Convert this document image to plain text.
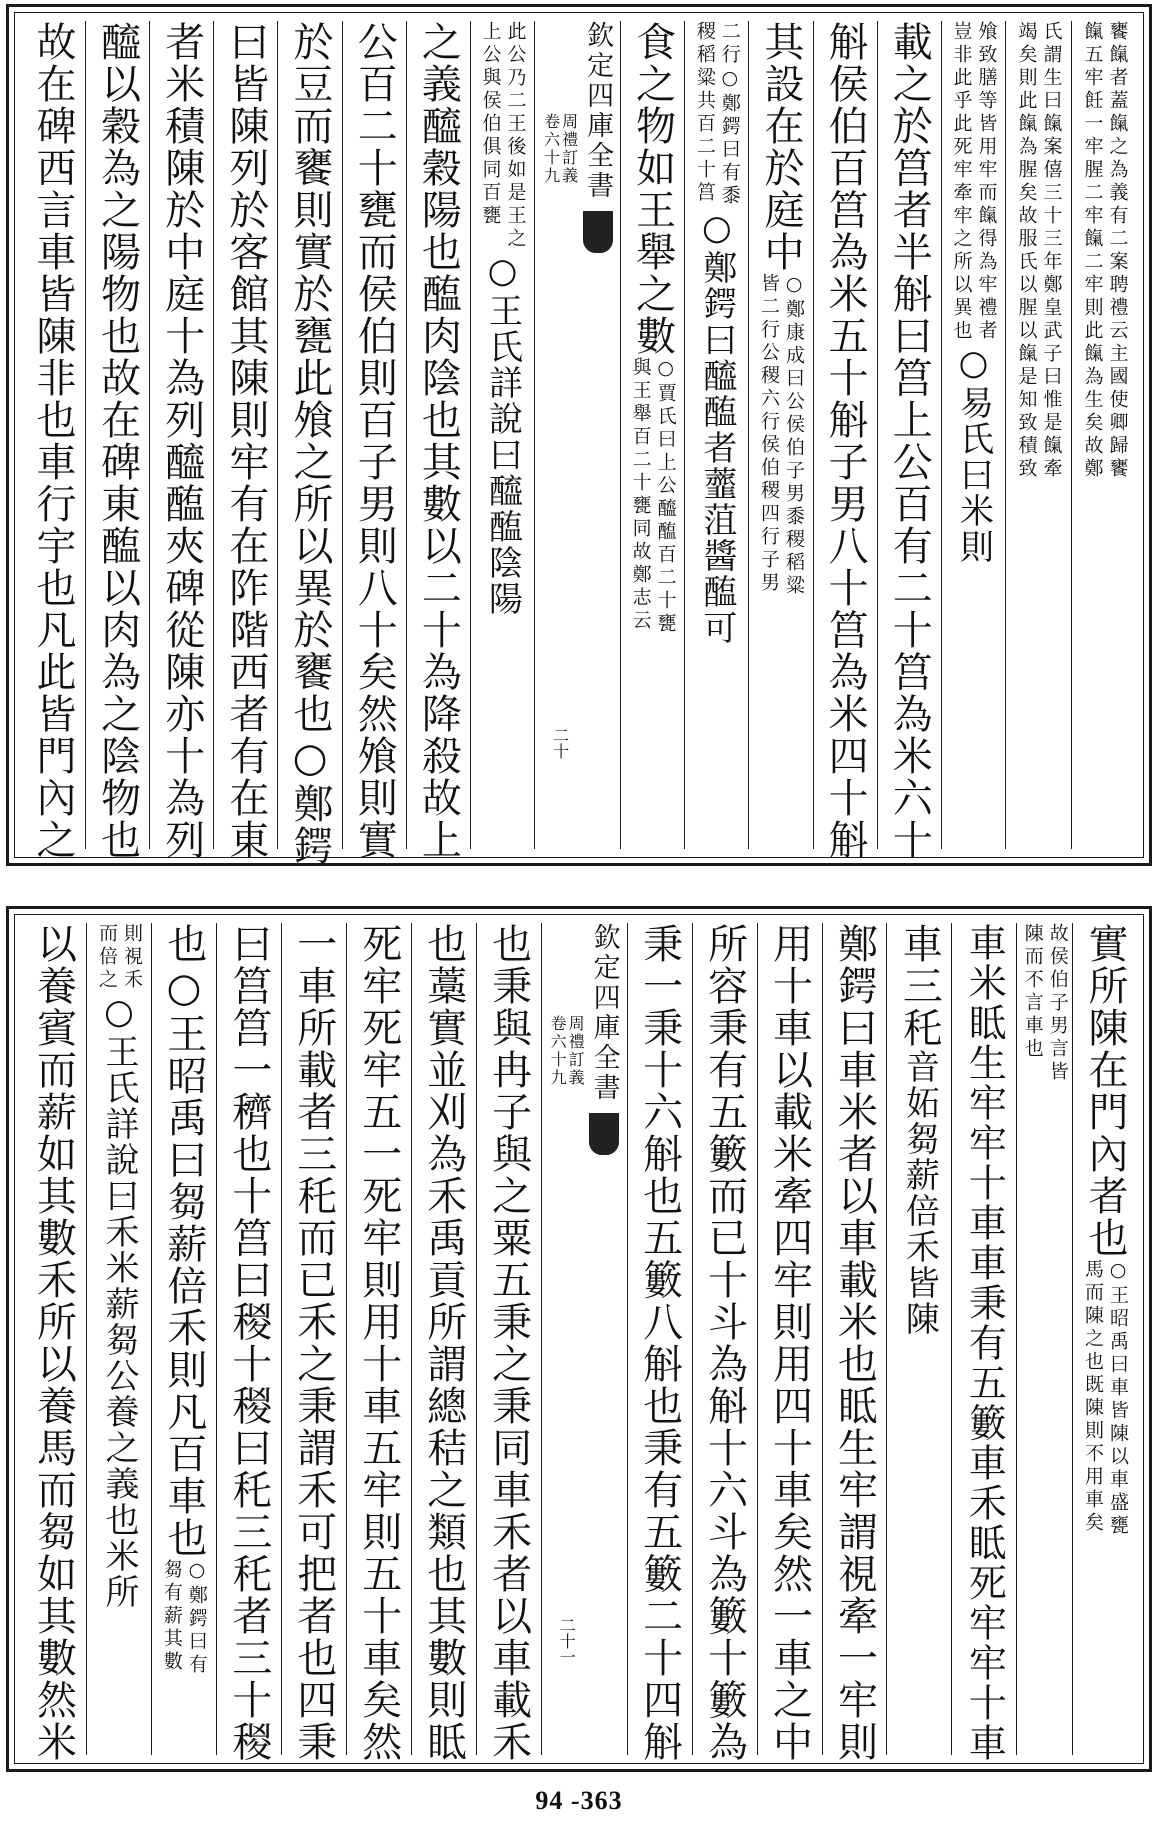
饔餼者蓋餼之為義有二案聘禮云主國使卿歸饔
餼五牢飪一牢腥二牢餼二牢則此餼為生矣故鄭
氏謂生曰餼案僖三十三年鄭皇武子曰惟是餼牽
竭矣則此餼為腥矣故服氏以腥以餼是知致積致
飧致膳等皆用牢而餼得為牢禮者
豈非此乎此死牢牽牢之所以異也
○易氏曰米則
載之於筥者半斛曰筥上公百有二十筥為米六十
斛侯伯百筥為米五十斛子男八十筥為米四十斛
其設在於庭中
○鄭康成曰公侯伯子男黍稷稻粱
皆二行公稷六行侯伯稷四行子男
二行○鄭鍔曰有黍
稷稻粱共百二十筥
○鄭鍔曰醯醢者虀菹醬醢可
食之物如王舉之數
○賈氏曰上公醯醢百二十甕
與王舉百二十甕同故鄭志云
欽定四庫全書
周禮訂義
卷六十九
二十
此公乃二王後如是王之
上公與侯伯俱同百甕
○王氏詳說曰醯醢陰陽
之義醯穀陽也醢肉陰也其數以二十為降殺故上
公百二十甕而侯伯則百子男則八十矣然飧則實
於豆而饔則實於甕此飧之所以異於饔也○鄭鍔
曰皆陳列於客館其陳則牢有在阼階西者有在東
者米積陳於中庭十為列醯醢夾碑從陳亦十為列
醯以穀為之陽物也故在碑東醢以肉為之陰物也
故在碑西言車皆陳非也車行宇也凡此皆門內之
實所陳在門內者也
○王昭禹曰車皆陳以車盛甕
馬而陳之也既陳則不用車矣
故侯伯子男言皆
陳而不言車也
車米眡生牢牢十車車秉有五籔車禾眡死牢牢十車
車三秅
音妬芻薪倍禾皆陳
鄭鍔曰車米者以車載米也眡生牢謂視牽一牢則
用十車以載米牽四牢則用四十車矣然一車之中
所容秉有五籔而已十斗為斛十六斗為籔十籔為
秉一秉十六斛也五籔八斛也秉有五籔二十四斛
欽定四庫全書
周禮訂義
卷六十九
二十一
也秉與冉子與之粟五秉之秉同車禾者以車載禾
也藁實並刈為禾禹貢所謂總秸之類也其數則眡
死牢死牢五一死牢則用十車五牢則五十車矣然
一車所載者三秅而已禾之秉謂禾可把者也四秉
曰筥筥一穧也十筥曰稯十稯曰秅三秅者三十稯
也○王昭禹曰芻薪倍禾則凡百車也
○鄭鍔曰有
芻有薪其數
則視禾
而倍之
○王氏詳說曰禾米薪芻公養之義也米所
以養賓而薪如其數禾所以養馬而芻如其數然米
94 -363
